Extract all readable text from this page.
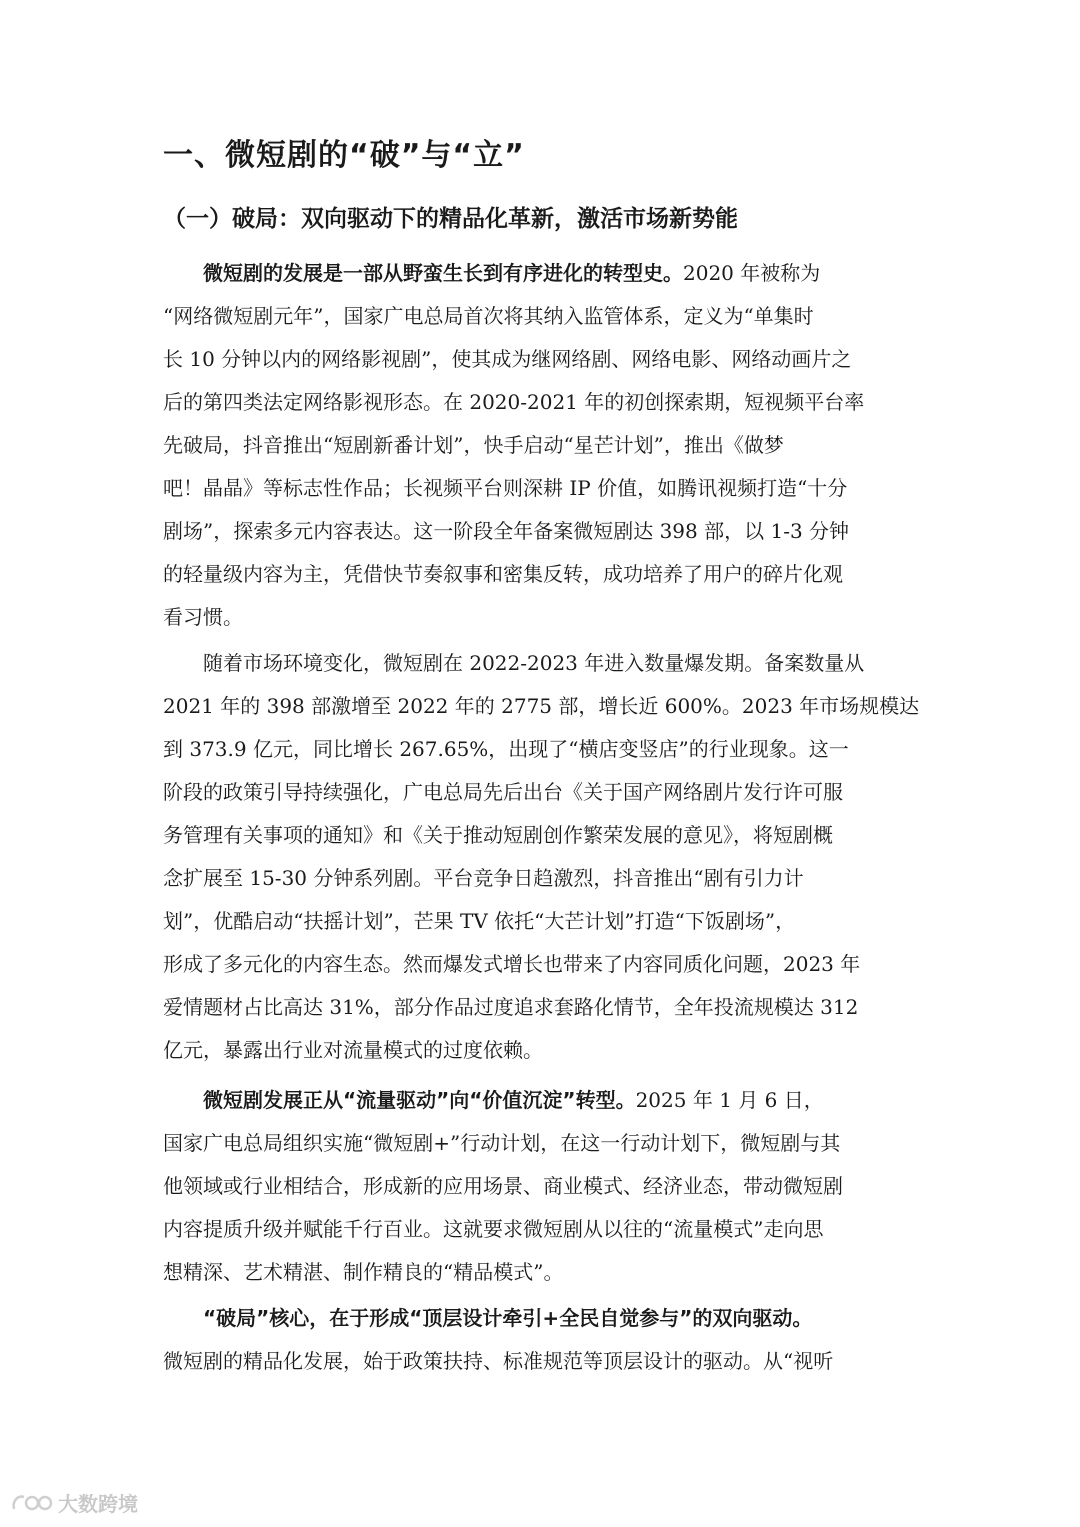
一、微短剧的“破”与“立”
（一）破局：双向驱动下的精品化革新，激活市场新势能
微短剧的发展是一部从野蛮生长到有序进化的转型史。2020 年被称为
“网络微短剧元年”，国家广电总局首次将其纳入监管体系，定义为“单集时
长 10 分钟以内的网络影视剧”，使其成为继网络剧、网络电影、网络动画片之
后的第四类法定网络影视形态。在 2020-2021 年的初创探索期，短视频平台率
先破局，抖音推出“短剧新番计划”，快手启动“星芒计划”，推出《做梦
吧！晶晶》等标志性作品；长视频平台则深耕 IP 价值，如腾讯视频打造“十分
剧场”，探索多元内容表达。这一阶段全年备案微短剧达 398 部，以 1-3 分钟
的轻量级内容为主，凭借快节奏叙事和密集反转，成功培养了用户的碎片化观
看习惯。
随着市场环境变化，微短剧在 2022-2023 年进入数量爆发期。备案数量从
2021 年的 398 部激增至 2022 年的 2775 部，增长近 600%。2023 年市场规模达
到 373.9 亿元，同比增长 267.65%，出现了“横店变竖店”的行业现象。这一
阶段的政策引导持续强化，广电总局先后出台《关于国产网络剧片发行许可服
务管理有关事项的通知》和《关于推动短剧创作繁荣发展的意见》，将短剧概
念扩展至 15-30 分钟系列剧。平台竞争日趋激烈，抖音推出“剧有引力计
划”，优酷启动“扶摇计划”，芒果 TV 依托“大芒计划”打造“下饭剧场”，
形成了多元化的内容生态。然而爆发式增长也带来了内容同质化问题，2023 年
爱情题材占比高达 31%，部分作品过度追求套路化情节，全年投流规模达 312
亿元，暴露出行业对流量模式的过度依赖。
微短剧发展正从“流量驱动”向“价值沉淀”转型。2025 年 1 月 6 日，
国家广电总局组织实施“微短剧+”行动计划，在这一行动计划下，微短剧与其
他领域或行业相结合，形成新的应用场景、商业模式、经济业态，带动微短剧
内容提质升级并赋能千行百业。这就要求微短剧从以往的“流量模式”走向思
想精深、艺术精湛、制作精良的“精品模式”。
“破局”核心，在于形成“顶层设计牵引+全民自觉参与”的双向驱动。
微短剧的精品化发展，始于政策扶持、标准规范等顶层设计的驱动。从“视听
大数跨境
